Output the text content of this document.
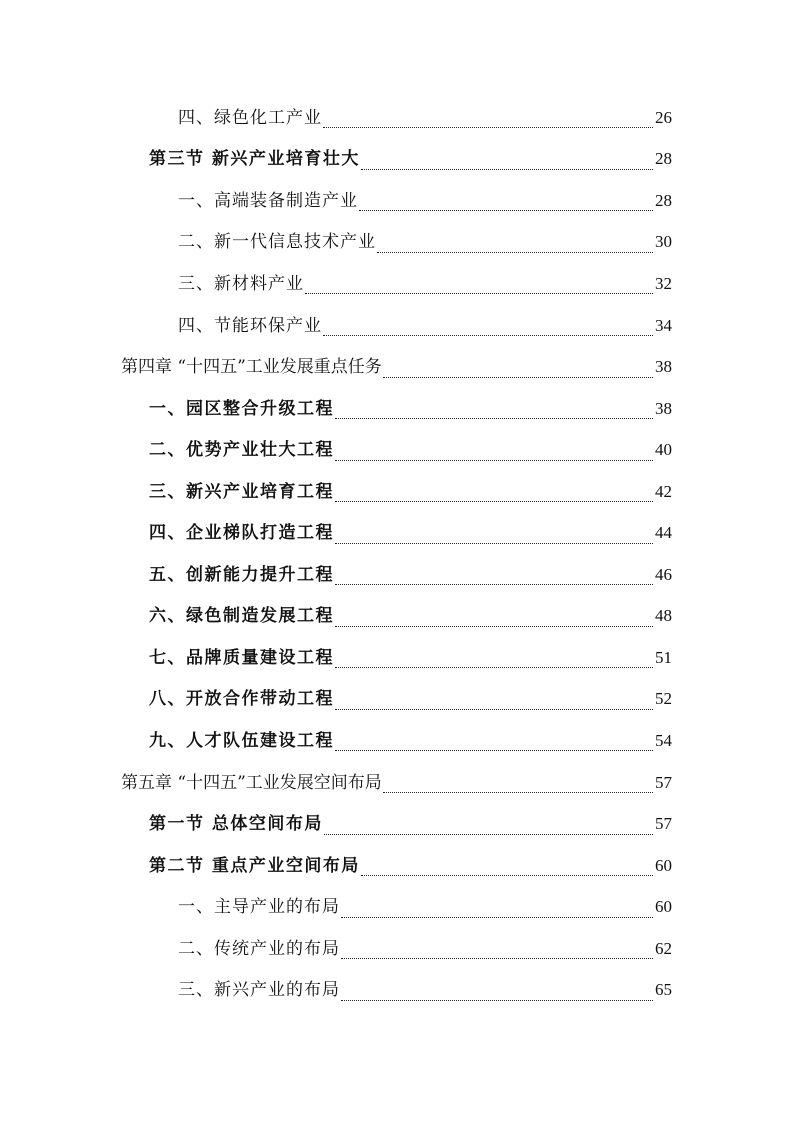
四、绿色化工产业	26
第三节 新兴产业培育壮大	28
一、高端装备制造产业	28
二、新一代信息技术产业	30
三、新材料产业	32
四、节能环保产业	34
第四章 “十四五”工业发展重点任务	38
一、园区整合升级工程	38
二、优势产业壮大工程	40
三、新兴产业培育工程	42
四、企业梯队打造工程	44
五、创新能力提升工程	46
六、绿色制造发展工程	48
七、品牌质量建设工程	51
八、开放合作带动工程	52
九、人才队伍建设工程	54
第五章 “十四五”工业发展空间布局	57
第一节 总体空间布局	57
第二节 重点产业空间布局	60
一、主导产业的布局	60
二、传统产业的布局	62
三、新兴产业的布局	65
